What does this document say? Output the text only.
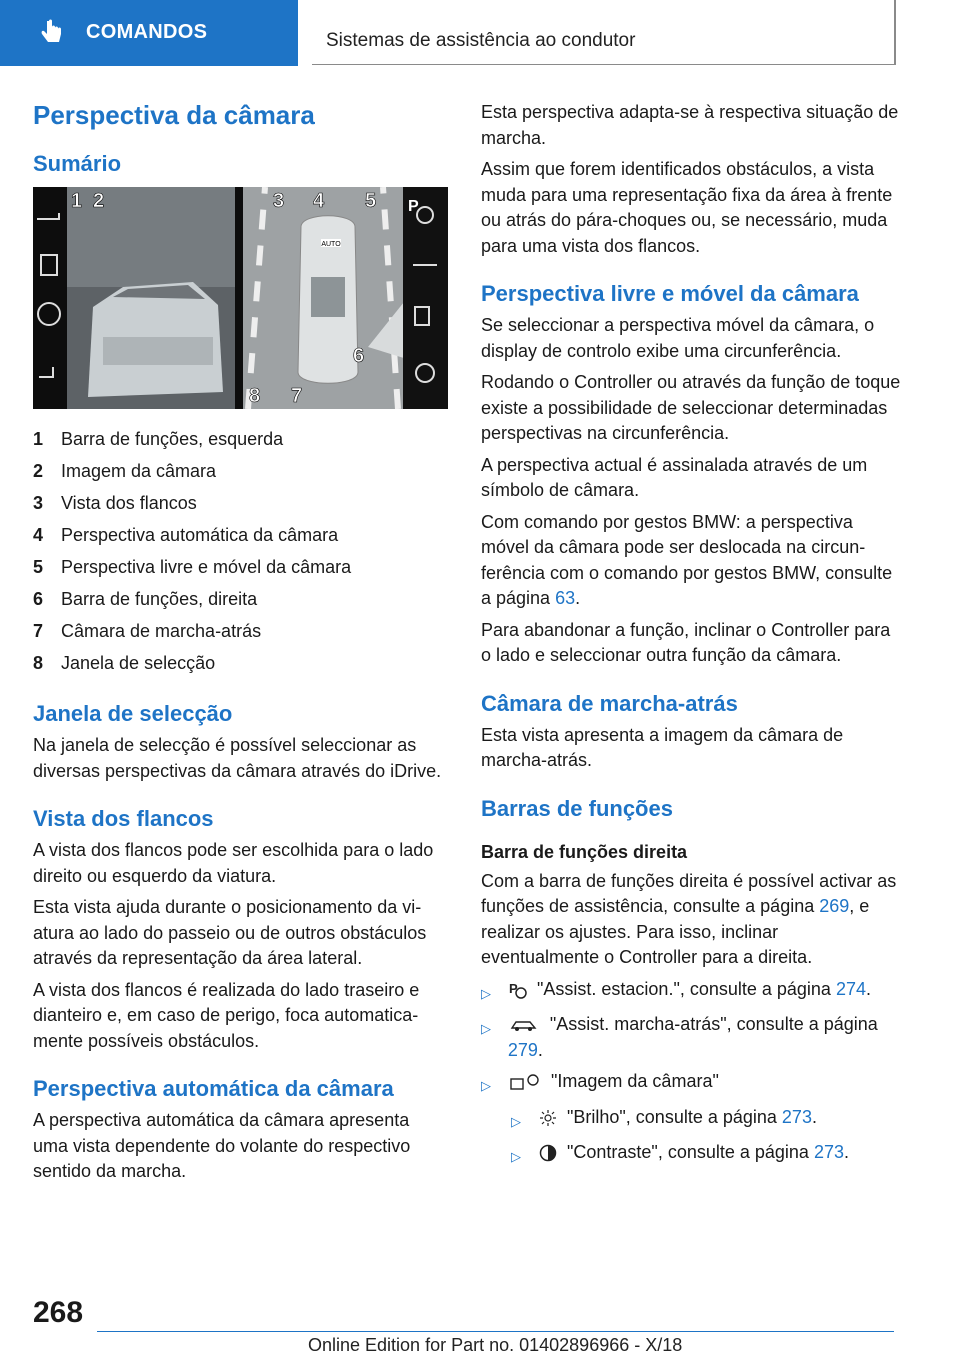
COMANDOS	Sistemas de assistência ao condutor
Perspectiva da câmara
Sumário
AUTO
P
1 2	3 4 5
6
7
8
1 Barra de funções, esquerda
2 Imagem da câmara
3 Vista dos flancos
4 Perspectiva automática da câmara
5 Perspectiva livre e móvel da câmara
6 Barra de funções, direita
7 Câmara de marcha-atrás
8 Janela de selecção
Janela de selecção

Na janela de selecção é possível seleccionar as diversas perspectivas da câmara através do iDrive.

Vista dos flancos

A vista dos flancos pode ser escolhida para o lado direito ou esquerdo da viatura.

Esta vista ajuda durante o posicionamento da viatura ao lado do passeio ou de outros obstáculos através da representação da área lateral.

A vista dos flancos é realizada do lado traseiro e dianteiro e, em caso de perigo, foca automaticamente possíveis obstáculos.

Perspectiva automática da câmara

A perspectiva automática da câmara apresenta uma vista dependente do volante do respectivo sentido da marcha.

Esta perspectiva adapta-se à respectiva situação de marcha.

Assim que forem identificados obstáculos, a vista muda para uma representação fixa da área à frente ou atrás do pára-choques ou, se necessário, muda para uma vista dos flancos.

Perspectiva livre e móvel da câmara

Se seleccionar a perspectiva móvel da câmara, o display de controlo exibe uma circunferência.

Rodando o Controller ou através da função de toque existe a possibilidade de seleccionar determinadas perspectivas na circunferência.

A perspectiva actual é assinalada através de um símbolo de câmara.

Com comando por gestos BMW: a perspectiva móvel da câmara pode ser deslocada na circunferência com o comando por gestos BMW, consulte a página 63.

Para abandonar a função, inclinar o Controller para o lado e seleccionar outra função da câmara.

Câmara de marcha-atrás

Esta vista apresenta a imagem da câmara de marcha-atrás.

Barras de funções
Barra de funções direita

Com a barra de funções direita é possível activar as funções de assistência, consulte a página 269, e realizar os ajustes. Para isso, inclinar eventualmente o Controller para a direita.

▷	P "Assist. estacion.", consulte a página 274.
▷	"Assist. marcha-atrás", consulte a página 279.
▷	"Imagem da câmara"
▷	"Brilho", consulte a página 273.
▷	"Contraste", consulte a página 273.
268
Online Edition for Part no. 01402896966 - X/18
